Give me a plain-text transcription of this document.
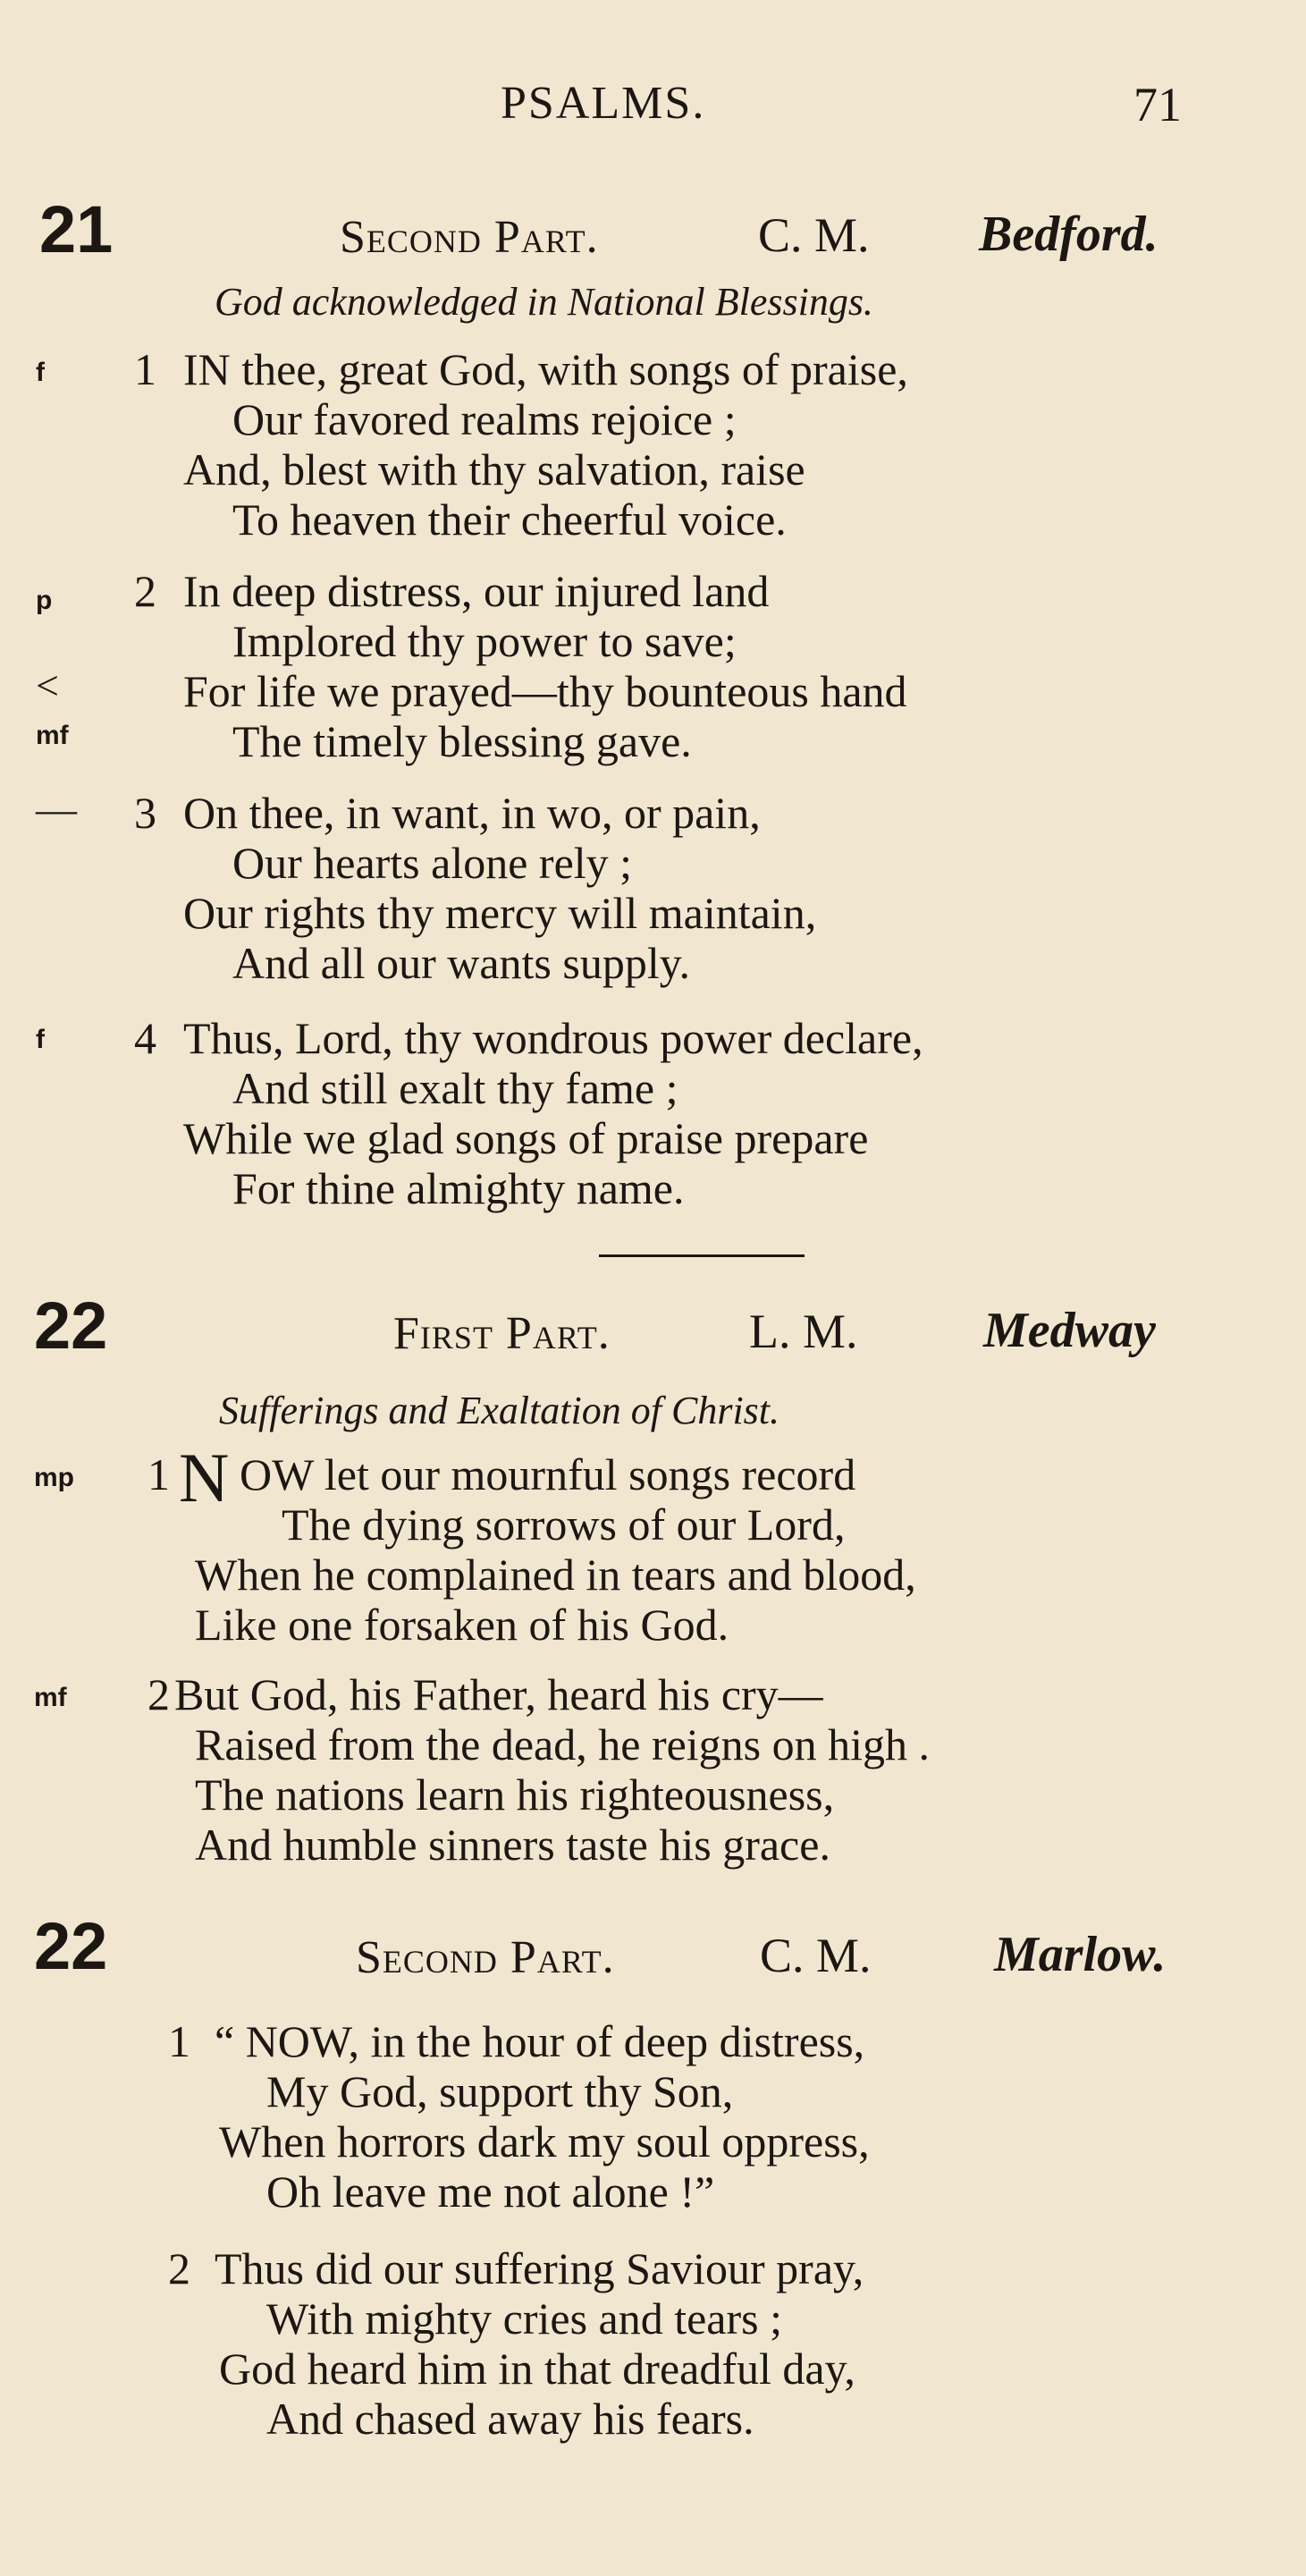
PSALMS.	71
21	Second Part.	C. M. Bedford.
God acknowledged in National Blessings.
f 1 IN thee, great God, with songs of praise,
Our favored realms rejoice ;
And, blest with thy salvation, raise
To heaven their cheerful voice.
p 2 In deep distress, our injured land
Implored thy power to save;
<	For life we prayed—thy bounteous hand
mf	The timely blessing gave.
— 3 On thee, in want, in wo, or pain,
Our hearts alone rely ;
Our rights thy mercy will maintain,
And all our wants supply.
f 4 Thus, Lord, thy wondrous power declare,
And still exalt thy fame ;
While we glad songs of praise prepare
For thine almighty name.
22	First Part.	L. M.	Medway
Sufferings and Exaltation of Christ.
mp 1 N OW let our mournful songs record
The dying sorrows of our Lord,
When he complained in tears and blood,
Like one forsaken of his God.
mf 2 But God, his Father, heard his cry—
Raised from the dead, he reigns on high .
The nations learn his righteousness,
And humble sinners taste his grace.
22	Second Part.	C. M. Marlow.
1 “ NOW, in the hour of deep distress,
My God, support thy Son,
When horrors dark my soul oppress,
Oh leave me not alone !”
2 Thus did our suffering Saviour pray,
With mighty cries and tears ;
God heard him in that dreadful day,
And chased away his fears.
